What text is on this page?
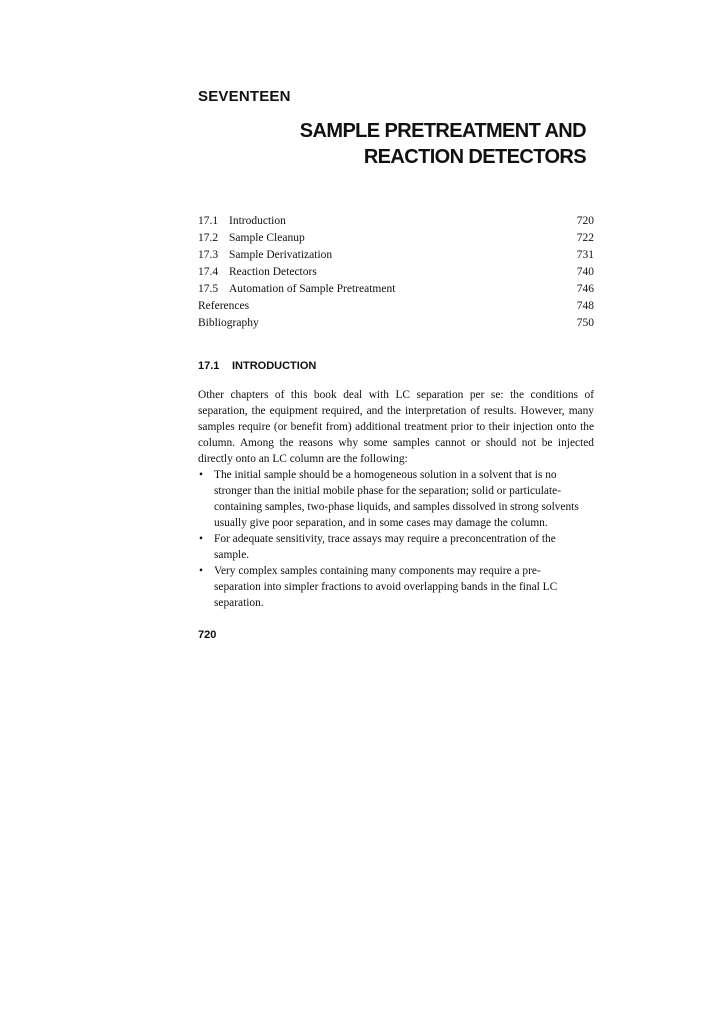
SEVENTEEN
SAMPLE PRETREATMENT AND
REACTION DETECTORS
17.1 Introduction	720
17.2 Sample Cleanup	722
17.3 Sample Derivatization	731
17.4 Reaction Detectors	740
17.5 Automation of Sample Pretreatment	746
References	748
Bibliography	750
17.1 INTRODUCTION

Other chapters of this book deal with LC separation per se: the conditions of separation, the equipment required, and the interpretation of results. However, many samples require (or benefit from) additional treatment prior to their injection onto the column. Among the reasons why some samples cannot or should not be injected directly onto an LC column are the following:

• The initial sample should be a homogeneous solution in a solvent that is no stronger than the initial mobile phase for the separation; solid or particulate-containing samples, two-phase liquids, and samples dissolved in strong solvents usually give poor separation, and in some cases may damage the column.
• For adequate sensitivity, trace assays may require a preconcentration of the sample.
• Very complex samples containing many components may require a pre-separation into simpler fractions to avoid overlapping bands in the final LC separation.
720
